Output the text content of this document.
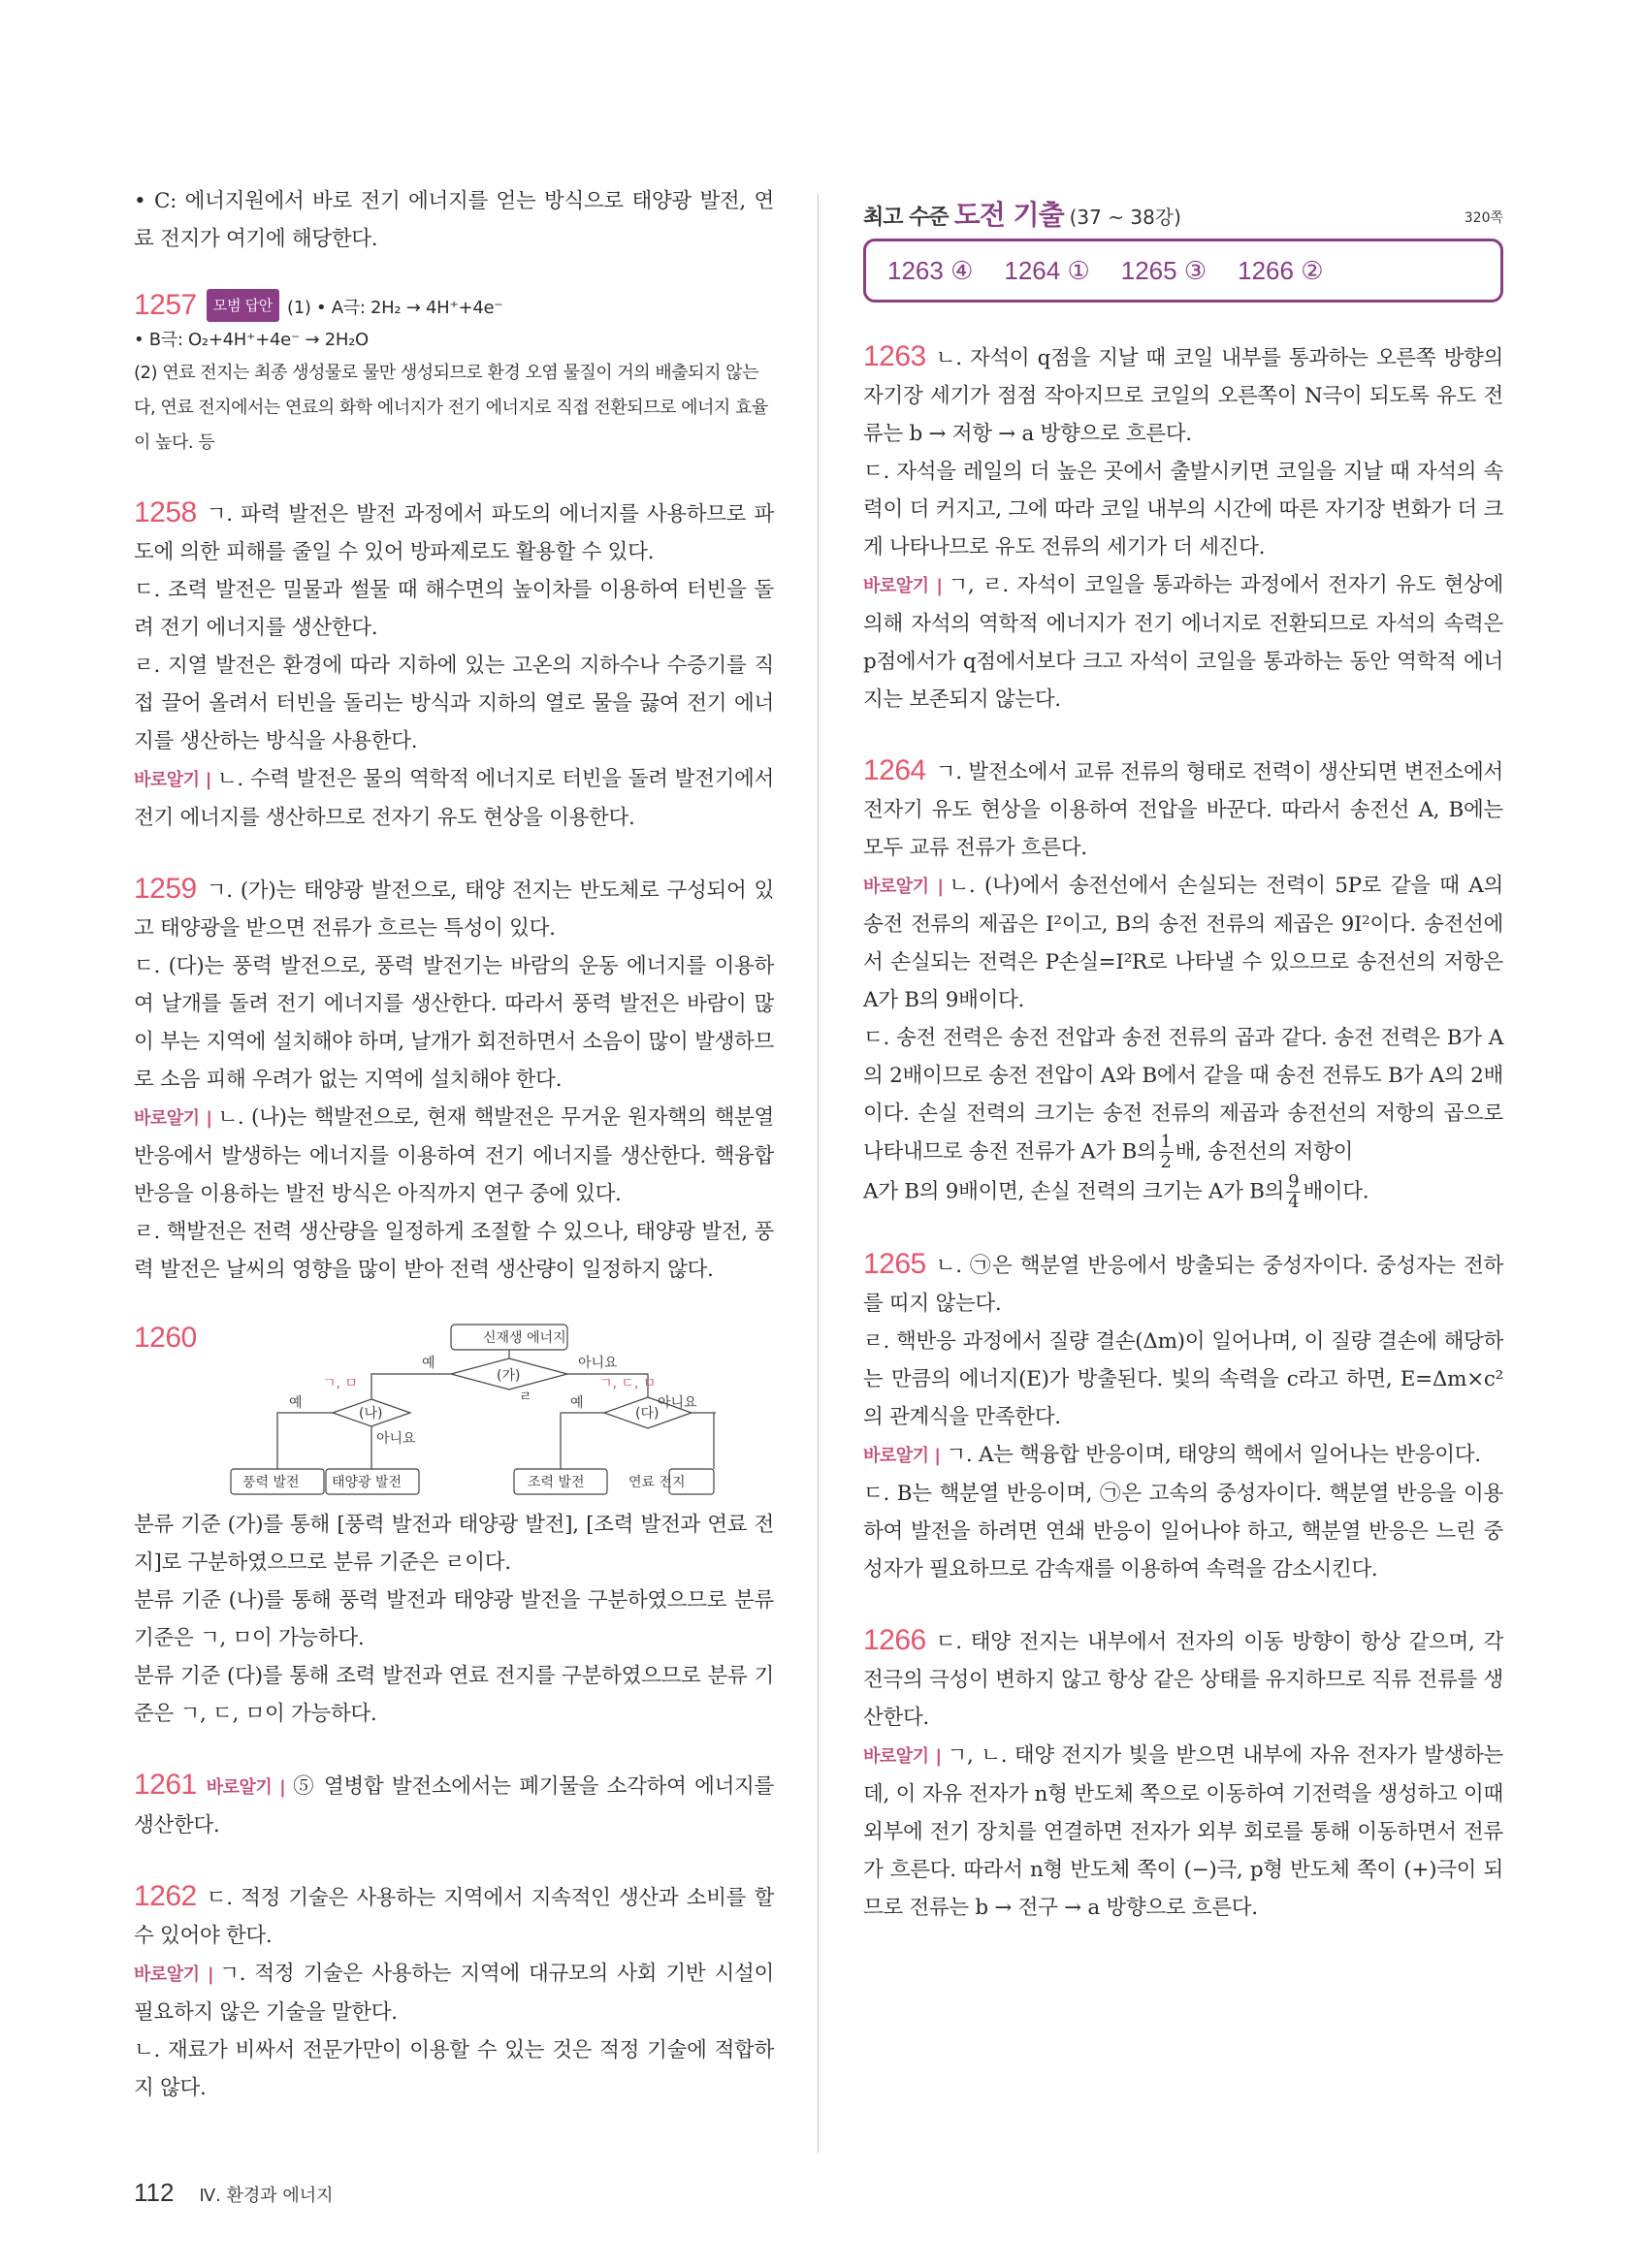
• C: 에너지원에서 바로 전기 에너지를 얻는 방식으로 태양광 발전, 연료 전지가 여기에 해당한다.

1257 모범 답안 (1) • A극: 2H₂ → 4H⁺+4e⁻

• B극: O₂+4H⁺+4e⁻ → 2H₂O

(2) 연료 전지는 최종 생성물로 물만 생성되므로 환경 오염 물질이 거의 배출되지 않는다, 연료 전지에서는 연료의 화학 에너지가 전기 에너지로 직접 전환되므로 에너지 효율이 높다. 등

1258 ㄱ. 파력 발전은 발전 과정에서 파도의 에너지를 사용하므로 파도에 의한 피해를 줄일 수 있어 방파제로도 활용할 수 있다.

ㄷ. 조력 발전은 밀물과 썰물 때 해수면의 높이차를 이용하여 터빈을 돌려 전기 에너지를 생산한다.

ㄹ. 지열 발전은 환경에 따라 지하에 있는 고온의 지하수나 수증기를 직접 끌어 올려서 터빈을 돌리는 방식과 지하의 열로 물을 끓여 전기 에너지를 생산하는 방식을 사용한다.

바로알기 | ㄴ. 수력 발전은 물의 역학적 에너지로 터빈을 돌려 발전기에서 전기 에너지를 생산하므로 전자기 유도 현상을 이용한다.

1259 ㄱ. (가)는 태양광 발전으로, 태양 전지는 반도체로 구성되어 있고 태양광을 받으면 전류가 흐르는 특성이 있다.

ㄷ. (다)는 풍력 발전으로, 풍력 발전기는 바람의 운동 에너지를 이용하여 날개를 돌려 전기 에너지를 생산한다. 따라서 풍력 발전은 바람이 많이 부는 지역에 설치해야 하며, 날개가 회전하면서 소음이 많이 발생하므로 소음 피해 우려가 없는 지역에 설치해야 한다.

바로알기 | ㄴ. (나)는 핵발전으로, 현재 핵발전은 무거운 원자핵의 핵분열 반응에서 발생하는 에너지를 이용하여 전기 에너지를 생산한다. 핵융합 반응을 이용하는 발전 방식은 아직까지 연구 중에 있다.

ㄹ. 핵발전은 전력 생산량을 일정하게 조절할 수 있으나, 태양광 발전, 풍력 발전은 날씨의 영향을 많이 받아 전력 생산량이 일정하지 않다.

1260	신재생 에너지
(가)
(나)	(다)
예	아니요
예
아니요
예	아니요
ㄱ, ㅁ	ㄱ, ㄷ, ㅁ
ㄹ
풍력 발전 태양광 발전	조력 발전	연료 전지

분류 기준 (가)를 통해 [풍력 발전과 태양광 발전], [조력 발전과 연료 전지]로 구분하였으므로 분류 기준은 ㄹ이다.

분류 기준 (나)를 통해 풍력 발전과 태양광 발전을 구분하였으므로 분류 기준은 ㄱ, ㅁ이 가능하다.

분류 기준 (다)를 통해 조력 발전과 연료 전지를 구분하였으므로 분류 기준은 ㄱ, ㄷ, ㅁ이 가능하다.

1261 바로알기 | ⑤ 열병합 발전소에서는 폐기물을 소각하여 에너지를 생산한다.

1262 ㄷ. 적정 기술은 사용하는 지역에서 지속적인 생산과 소비를 할 수 있어야 한다.

바로알기 | ㄱ. 적정 기술은 사용하는 지역에 대규모의 사회 기반 시설이 필요하지 않은 기술을 말한다.

ㄴ. 재료가 비싸서 전문가만이 이용할 수 있는 것은 적정 기술에 적합하지 않다.

최고 수준 도전 기출 (37 ~ 38강)	320쪽
1263 ④ 1264 ① 1265 ③ 1266 ②

1263 ㄴ. 자석이 q점을 지날 때 코일 내부를 통과하는 오른쪽 방향의 자기장 세기가 점점 작아지므로 코일의 오른쪽이 N극이 되도록 유도 전류는 b → 저항 → a 방향으로 흐른다.

ㄷ. 자석을 레일의 더 높은 곳에서 출발시키면 코일을 지날 때 자석의 속력이 더 커지고, 그에 따라 코일 내부의 시간에 따른 자기장 변화가 더 크게 나타나므로 유도 전류의 세기가 더 세진다.

바로알기 | ㄱ, ㄹ. 자석이 코일을 통과하는 과정에서 전자기 유도 현상에 의해 자석의 역학적 에너지가 전기 에너지로 전환되므로 자석의 속력은 p점에서가 q점에서보다 크고 자석이 코일을 통과하는 동안 역학적 에너지는 보존되지 않는다.

1264 ㄱ. 발전소에서 교류 전류의 형태로 전력이 생산되면 변전소에서 전자기 유도 현상을 이용하여 전압을 바꾼다. 따라서 송전선 A, B에는 모두 교류 전류가 흐른다.

바로알기 | ㄴ. (나)에서 송전선에서 손실되는 전력이 5P로 같을 때 A의 송전 전류의 제곱은 I²이고, B의 송전 전류의 제곱은 9I²이다. 송전선에서 손실되는 전력은 P손실=I²R로 나타낼 수 있으므로 송전선의 저항은 A가 B의 9배이다.

ㄷ. 송전 전력은 송전 전압과 송전 전류의 곱과 같다. 송전 전력은 B가 A의 2배이므로 송전 전압이 A와 B에서 같을 때 송전 전류도 B가 A의 2배이다. 손실 전력의 크기는 송전 전류의 제곱과 송전선의 저항의 곱으로 나타내므로 송전 전류가 A가 B의 $\frac{1}{2}$ 배, 송전선의 저항이

A가 B의 9배이면, 손실 전력의 크기는 A가 B의 $\frac{9}{4}$ 배이다.

1265 ㄴ. ㉠은 핵분열 반응에서 방출되는 중성자이다. 중성자는 전하를 띠지 않는다.

ㄹ. 핵반응 과정에서 질량 결손(Δm)이 일어나며, 이 질량 결손에 해당하는 만큼의 에너지(E)가 방출된다. 빛의 속력을 c라고 하면, E=Δm×c²의 관계식을 만족한다.

바로알기 | ㄱ. A는 핵융합 반응이며, 태양의 핵에서 일어나는 반응이다.

ㄷ. B는 핵분열 반응이며, ㉠은 고속의 중성자이다. 핵분열 반응을 이용하여 발전을 하려면 연쇄 반응이 일어나야 하고, 핵분열 반응은 느린 중성자가 필요하므로 감속재를 이용하여 속력을 감소시킨다.

1266 ㄷ. 태양 전지는 내부에서 전자의 이동 방향이 항상 같으며, 각 전극의 극성이 변하지 않고 항상 같은 상태를 유지하므로 직류 전류를 생산한다.

바로알기 | ㄱ, ㄴ. 태양 전지가 빛을 받으면 내부에 자유 전자가 발생하는데, 이 자유 전자가 n형 반도체 쪽으로 이동하여 기전력을 생성하고 이때 외부에 전기 장치를 연결하면 전자가 외부 회로를 통해 이동하면서 전류가 흐른다. 따라서 n형 반도체 쪽이 (−)극, p형 반도체 쪽이 (+)극이 되므로 전류는 b → 전구 → a 방향으로 흐른다.

112 Ⅳ. 환경과 에너지
